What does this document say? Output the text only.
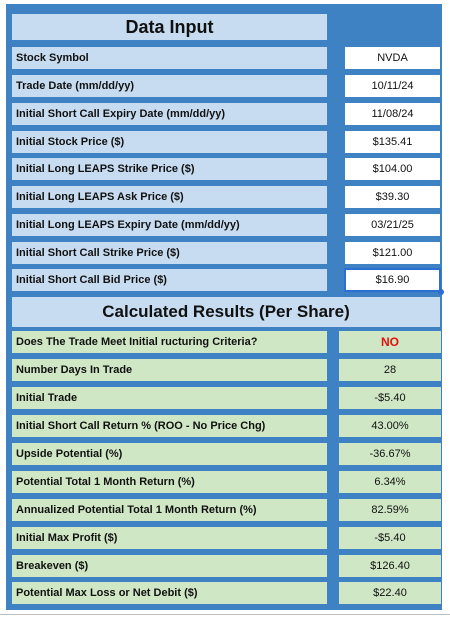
Data Input
Stock Symbol	NVDA
Trade Date (mm/dd/yy)	10/11/24
Initial Short Call Expiry Date (mm/dd/yy)	11/08/24
Initial Stock Price ($)	$135.41
Initial Long LEAPS Strike Price ($)	$104.00
Initial Long LEAPS Ask Price ($)	$39.30
Initial Long LEAPS Expiry Date (mm/dd/yy)	03/21/25
Initial Short Call Strike Price ($)	$121.00
Initial Short Call Bid Price ($)	$16.90
Calculated Results (Per Share)
Does The Trade Meet Initial ructuring Criteria?	NO
Number Days In Trade	28
Initial Trade	-$5.40
Initial Short Call Return % (ROO - No Price Chg)	43.00%
Upside Potential (%)	-36.67%
Potential Total 1 Month Return (%)	6.34%
Annualized Potential Total 1 Month Return (%)	82.59%
Initial Max Profit ($)	-$5.40
Breakeven ($)	$126.40
Potential Max Loss or Net Debit ($)	$22.40
